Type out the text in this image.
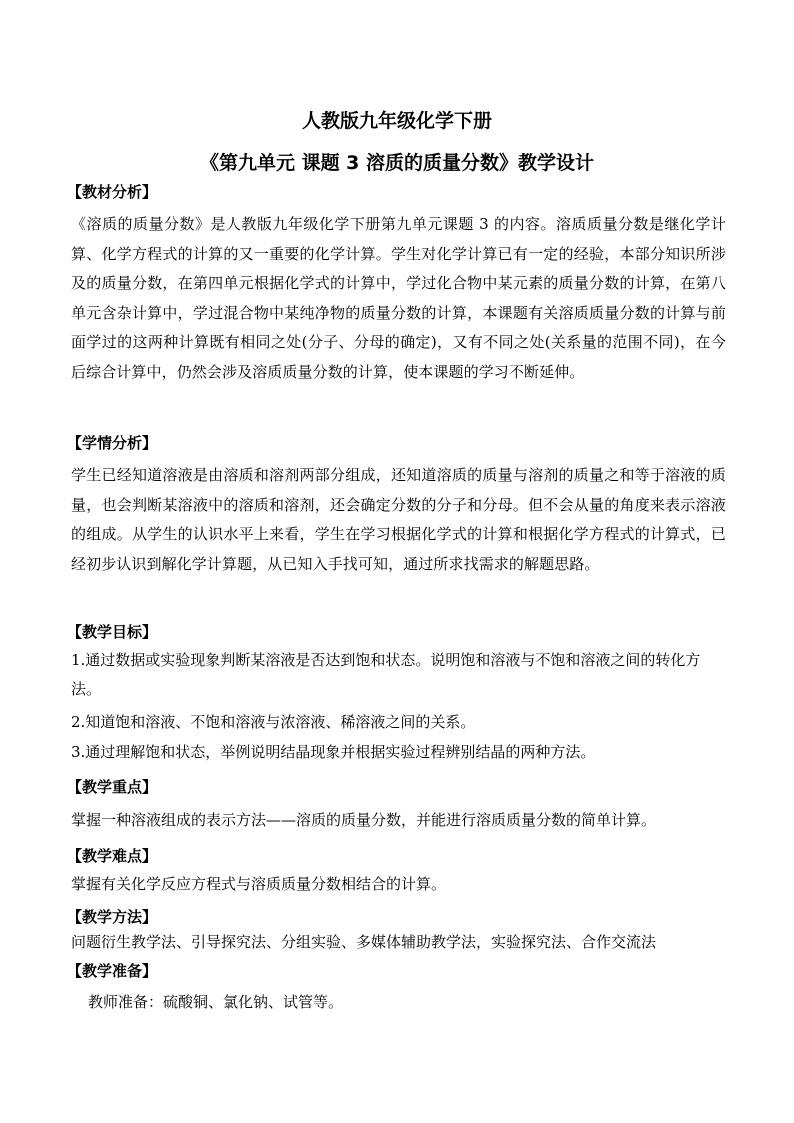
人教版九年级化学下册
《第九单元 课题 3 溶质的质量分数》教学设计
【教材分析】
《溶质的质量分数》是人教版九年级化学下册第九单元课题 3 的内容。溶质质量分数是继化学计算、化学方程式的计算的又一重要的化学计算。学生对化学计算已有一定的经验，本部分知识所涉及的质量分数，在第四单元根据化学式的计算中，学过化合物中某元素的质量分数的计算，在第八单元含杂计算中，学过混合物中某纯净物的质量分数的计算，本课题有关溶质质量分数的计算与前面学过的这两种计算既有相同之处(分子、分母的确定)，又有不同之处(关系量的范围不同)，在今后综合计算中，仍然会涉及溶质质量分数的计算，使本课题的学习不断延伸。
【学情分析】
学生已经知道溶液是由溶质和溶剂两部分组成，还知道溶质的质量与溶剂的质量之和等于溶液的质量，也会判断某溶液中的溶质和溶剂，还会确定分数的分子和分母。但不会从量的角度来表示溶液的组成。从学生的认识水平上来看，学生在学习根据化学式的计算和根据化学方程式的计算式，已经初步认识到解化学计算题，从已知入手找可知，通过所求找需求的解题思路。
【教学目标】
1.通过数据或实验现象判断某溶液是否达到饱和状态。说明饱和溶液与不饱和溶液之间的转化方法。
2.知道饱和溶液、不饱和溶液与浓溶液、稀溶液之间的关系。
3.通过理解饱和状态，举例说明结晶现象并根据实验过程辨别结晶的两种方法。
【教学重点】
掌握一种溶液组成的表示方法——溶质的质量分数，并能进行溶质质量分数的简单计算。
【教学难点】
掌握有关化学反应方程式与溶质质量分数相结合的计算。
【教学方法】
问题衍生教学法、引导探究法、分组实验、多媒体辅助教学法，实验探究法、合作交流法
【教学准备】
教师准备：硫酸铜、氯化钠、试管等。
